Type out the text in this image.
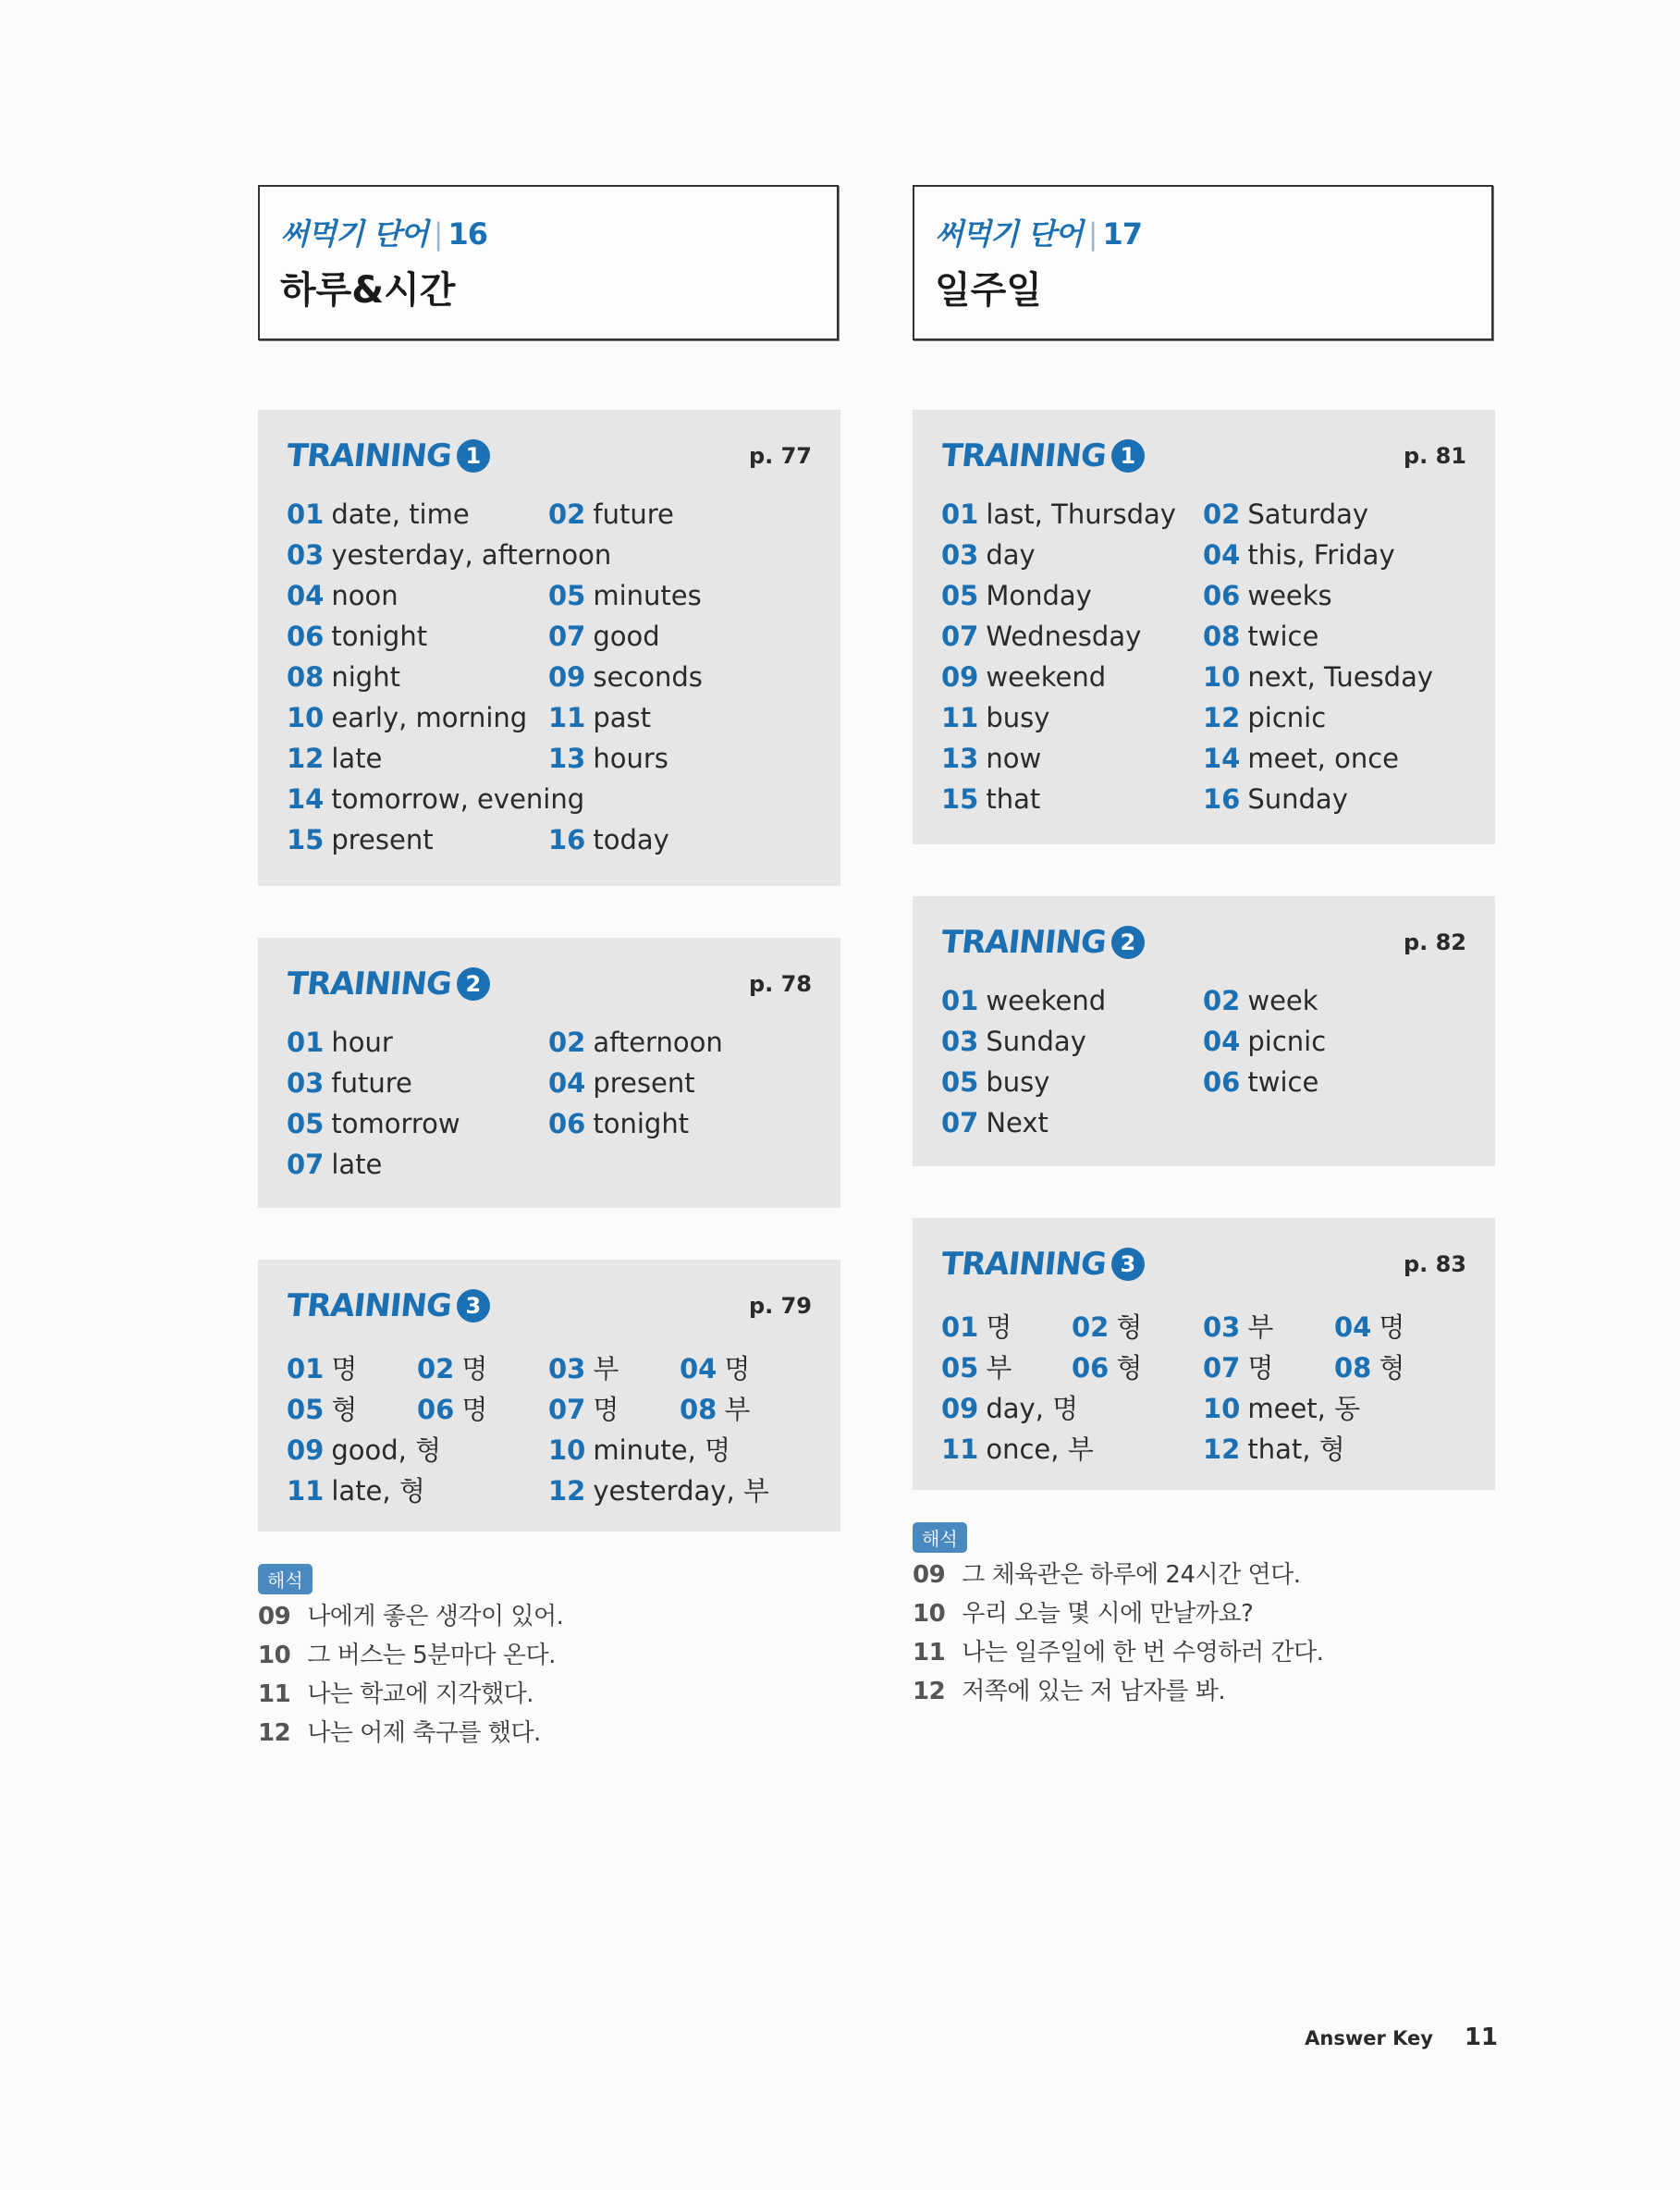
써먹기 단어 | 16
하루&시간
TRAINING 1	p. 77
01 date, time	02 future
03 yesterday, afternoon
04 noon	05 minutes
06 tonight	07 good
08 night	09 seconds
10 early, morning 11 past
12 late	13 hours
14 tomorrow, evening
15 present	16 today
TRAINING 2	p. 78
01 hour	02 afternoon
03 future	04 present
05 tomorrow	06 tonight
07 late
TRAINING 3	p. 79
01 명 02 명 03 부 04 명
05 형 06 명 07 명 08 부
09 good, 형	10 minute, 명
11 late, 형	12 yesterday, 부
해석
09 나에게 좋은 생각이 있어.
10 그 버스는 5분마다 온다.
11 나는 학교에 지각했다.
12 나는 어제 축구를 했다.
써먹기 단어 | 17
일주일
TRAINING 1	p. 81
01 last, Thursday 02 Saturday
03 day	04 this, Friday
05 Monday	06 weeks
07 Wednesday 08 twice
09 weekend	10 next, Tuesday
11 busy	12 picnic
13 now	14 meet, once
15 that	16 Sunday
TRAINING 2	p. 82
01 weekend	02 week
03 Sunday	04 picnic
05 busy	06 twice
07 Next
TRAINING 3	p. 83
01 명 02 형 03 부 04 명
05 부 06 형 07 명 08 형
09 day, 명	10 meet, 동
11 once, 부	12 that, 형
해석
09 그 체육관은 하루에 24시간 연다.
10 우리 오늘 몇 시에 만날까요?
11 나는 일주일에 한 번 수영하러 간다.
12 저쪽에 있는 저 남자를 봐.
Answer Key 11
